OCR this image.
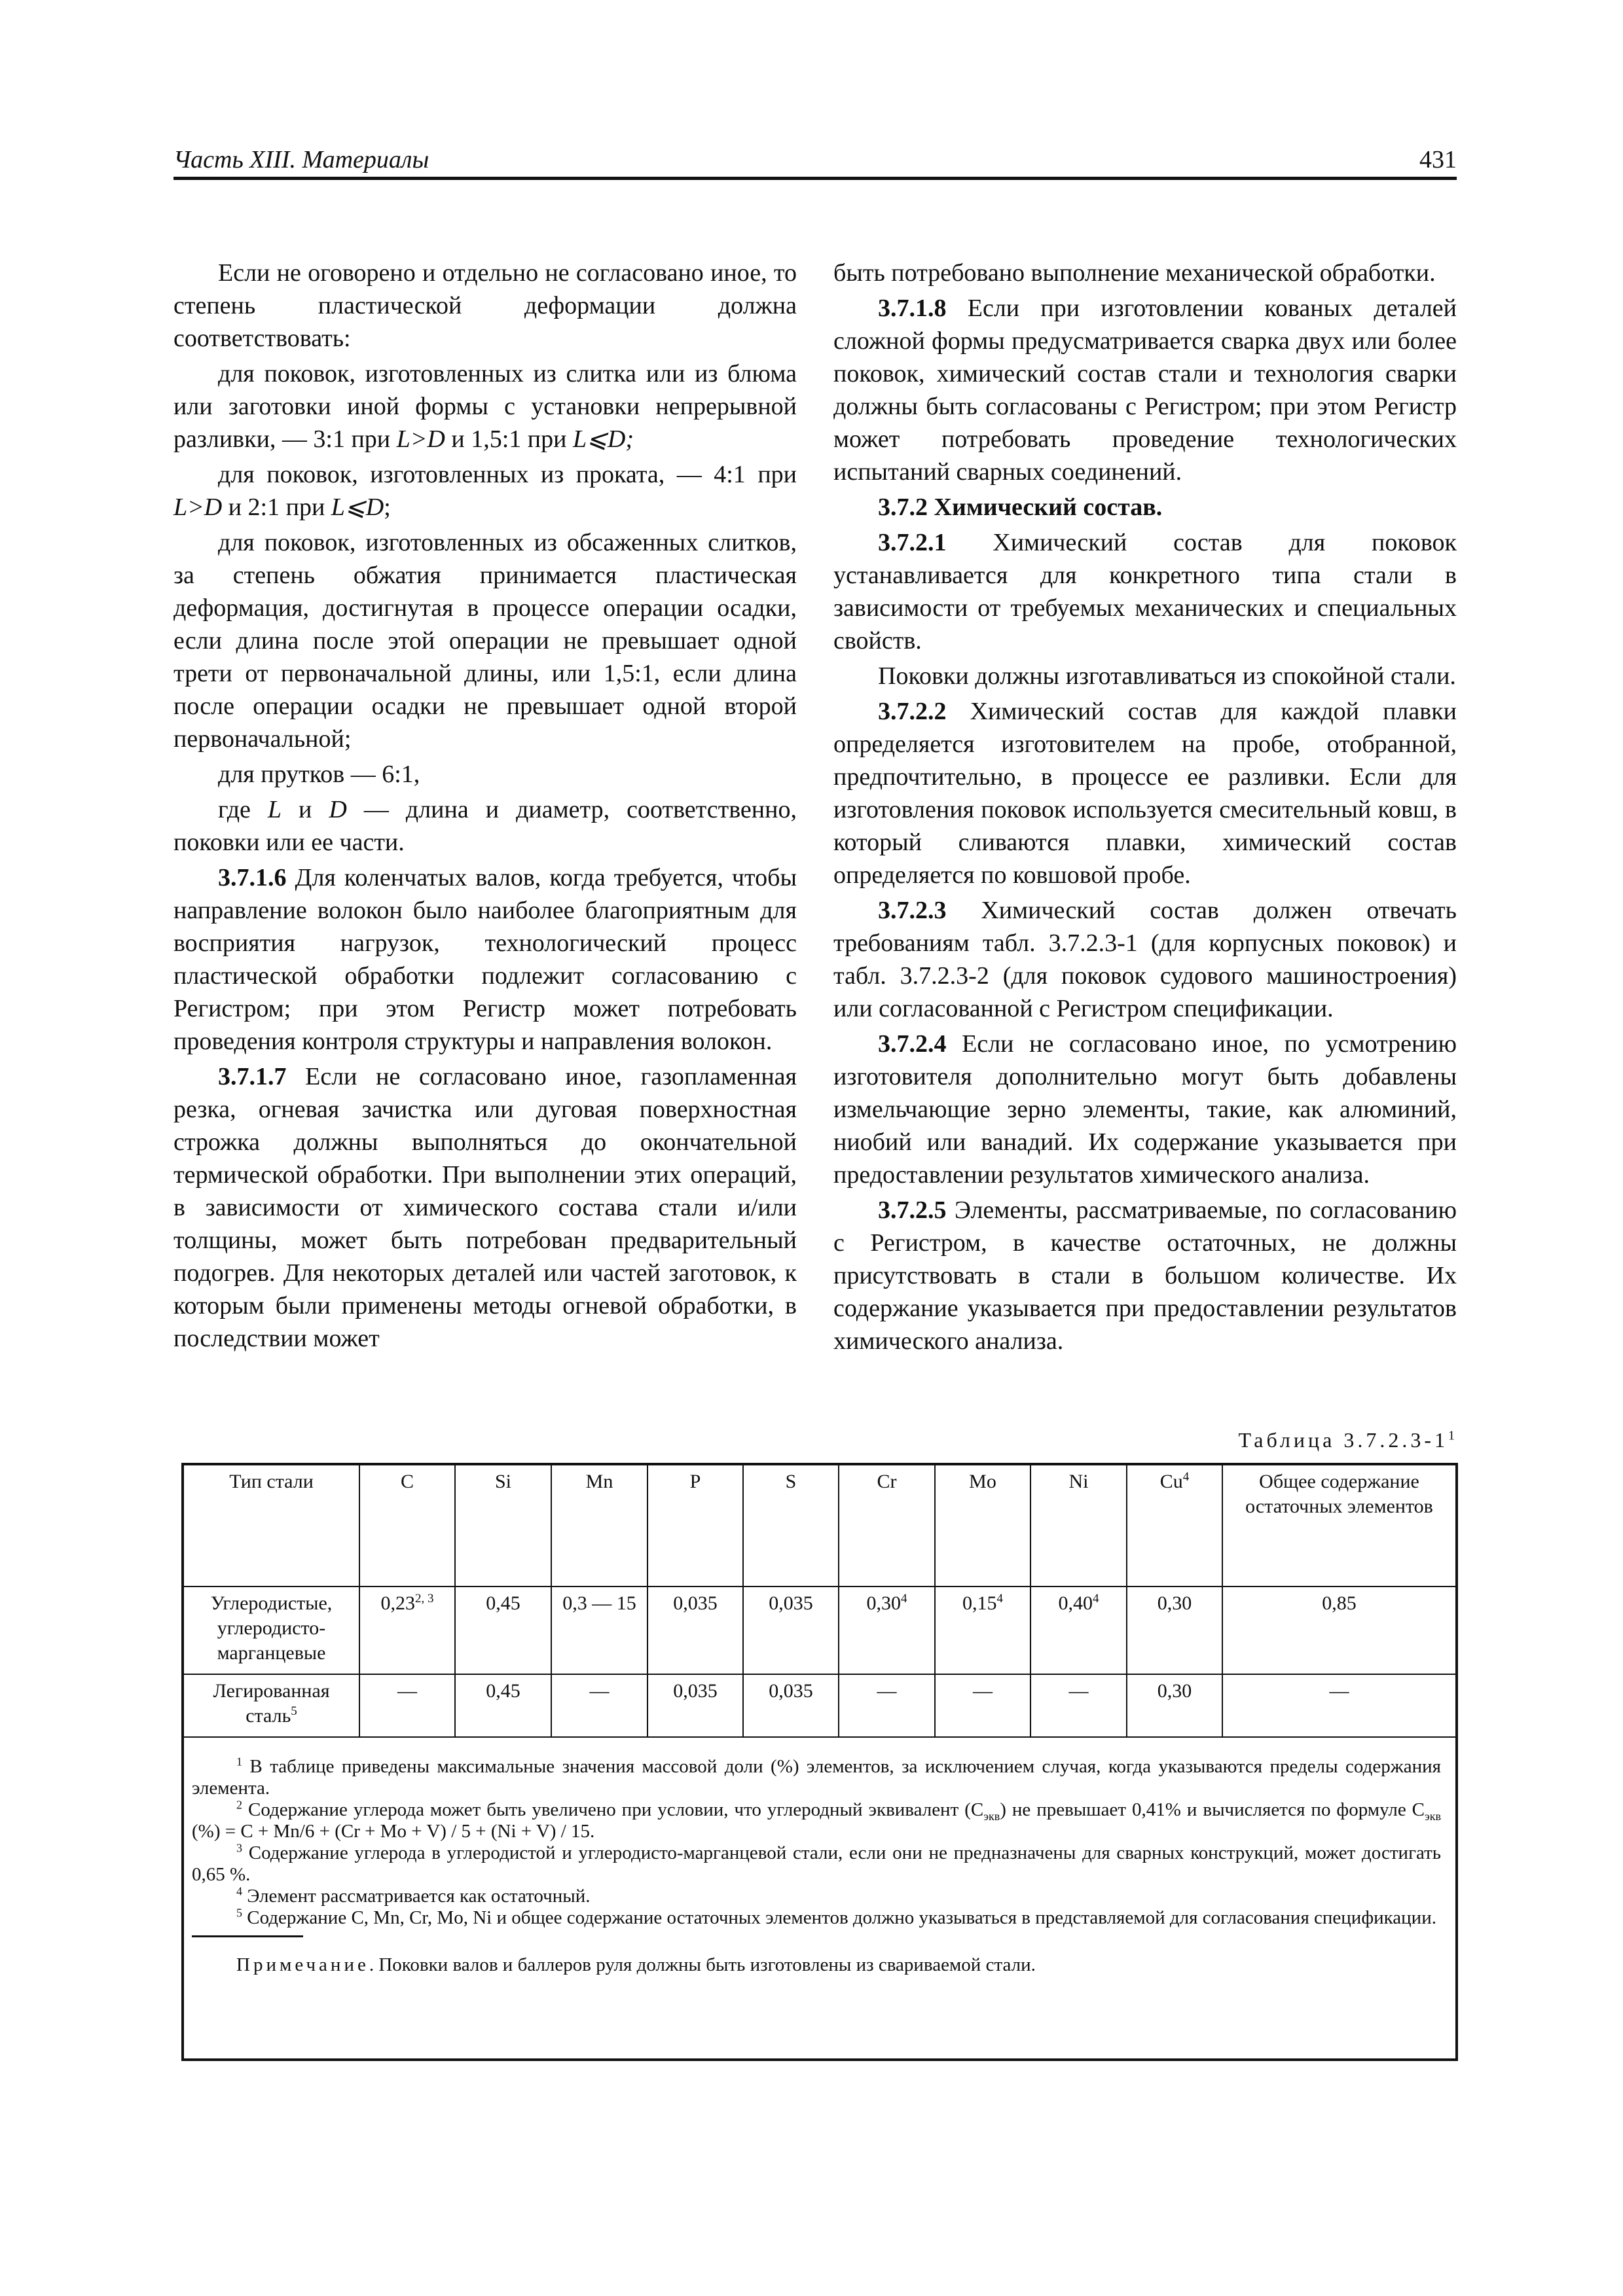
Часть XIII. Материалы	431

Если не оговорено и отдельно не согласовано иное, то степень пластической деформации должна соответствовать:

для поковок, изготовленных из слитка или из блюма или заготовки иной формы с установки непрерывной разливки, — 3:1 при L>D и 1,5:1 при L⩽D;

для поковок, изготовленных из проката, — 4:1 при L>D и 2:1 при L⩽D;

для поковок, изготовленных из обсаженных слитков, за степень обжатия принимается пластическая деформация, достигнутая в процессе операции осадки, если длина после этой операции не превышает одной трети от первоначальной длины, или 1,5:1, если длина после операции осадки не превышает одной второй первоначальной;

для прутков — 6:1,

где L и D — длина и диаметр, соответственно, поковки или ее части.

3.7.1.6 Для коленчатых валов, когда требуется, чтобы направление волокон было наиболее благоприятным для восприятия нагрузок, технологический процесс пластической обработки подлежит согласованию с Регистром; при этом Регистр может потребовать проведения контроля структуры и направления волокон.

3.7.1.7 Если не согласовано иное, газопламенная резка, огневая зачистка или дуговая поверхностная строжка должны выполняться до окончательной термической обработки. При выполнении этих операций, в зависимости от химического состава стали и/или толщины, может быть потребован предварительный подогрев. Для некоторых деталей или частей заготовок, к которым были применены методы огневой обработки, в последствии может

быть потребовано выполнение механической обработки.

3.7.1.8 Если при изготовлении кованых деталей сложной формы предусматривается сварка двух или более поковок, химический состав стали и технология сварки должны быть согласованы с Регистром; при этом Регистр может потребовать проведение технологических испытаний сварных соединений.

3.7.2 Химический состав.

3.7.2.1 Химический состав для поковок устанавливается для конкретного типа стали в зависимости от требуемых механических и специальных свойств.

Поковки должны изготавливаться из спокойной стали.

3.7.2.2 Химический состав для каждой плавки определяется изготовителем на пробе, отобранной, предпочтительно, в процессе ее разливки. Если для изготовления поковок используется смесительный ковш, в который сливаются плавки, химический состав определяется по ковшовой пробе.

3.7.2.3 Химический состав должен отвечать требованиям табл. 3.7.2.3-1 (для корпусных поковок) и табл. 3.7.2.3-2 (для поковок судового машиностроения) или согласованной с Регистром спецификации.

3.7.2.4 Если не согласовано иное, по усмотрению изготовителя дополнительно могут быть добавлены измельчающие зерно элементы, такие, как алюминий, ниобий или ванадий. Их содержание указывается при предоставлении результатов химического анализа.

3.7.2.5 Элементы, рассматриваемые, по согласованию с Регистром, в качестве остаточных, не должны присутствовать в стали в большом количестве. Их содержание указывается при предоставлении результатов химического анализа.

Таблица $3.7.2.3-1^1$
Тип стали	C	Si	Mn	P	S	Cr	Mo	Ni	Cu$^4$	Общее содержание остаточных элементов
Углеродистые, углеродисто-марганцевые	0,23$^{2, 3}$	0,45	0,3 — 15	0,035	0,035	0,30$^4$	0,15$^4$	0,40$^4$	0,30	0,85
Легированная сталь$^5$	—	0,45	—	0,035	0,035	—	—	—	0,30	—

$^1$ В таблице приведены максимальные значения массовой доли (%) элементов, за исключением случая, когда указываются пределы содержания элемента.

$^2$ Содержание углерода может быть увеличено при условии, что углеродный эквивалент $(С_{экв})$ не превышает 0,41% и вычисляется по формуле $С_{экв}$ (%) = С + Mn/6 + (Cr + Mo + V) / 5 + (Ni + V) / 15.

$^3$ Содержание углерода в углеродистой и углеродисто-марганцевой стали, если они не предназначены для сварных конструкций, может достигать 0,65 %.

$^4$ Элемент рассматривается как остаточный.

$^5$ Содержание С, Mn, Cr, Mo, Ni и общее содержание остаточных элементов должно указываться в представляемой для согласования спецификации.

Примечание. Поковки валов и баллеров руля должны быть изготовлены из свариваемой стали.
